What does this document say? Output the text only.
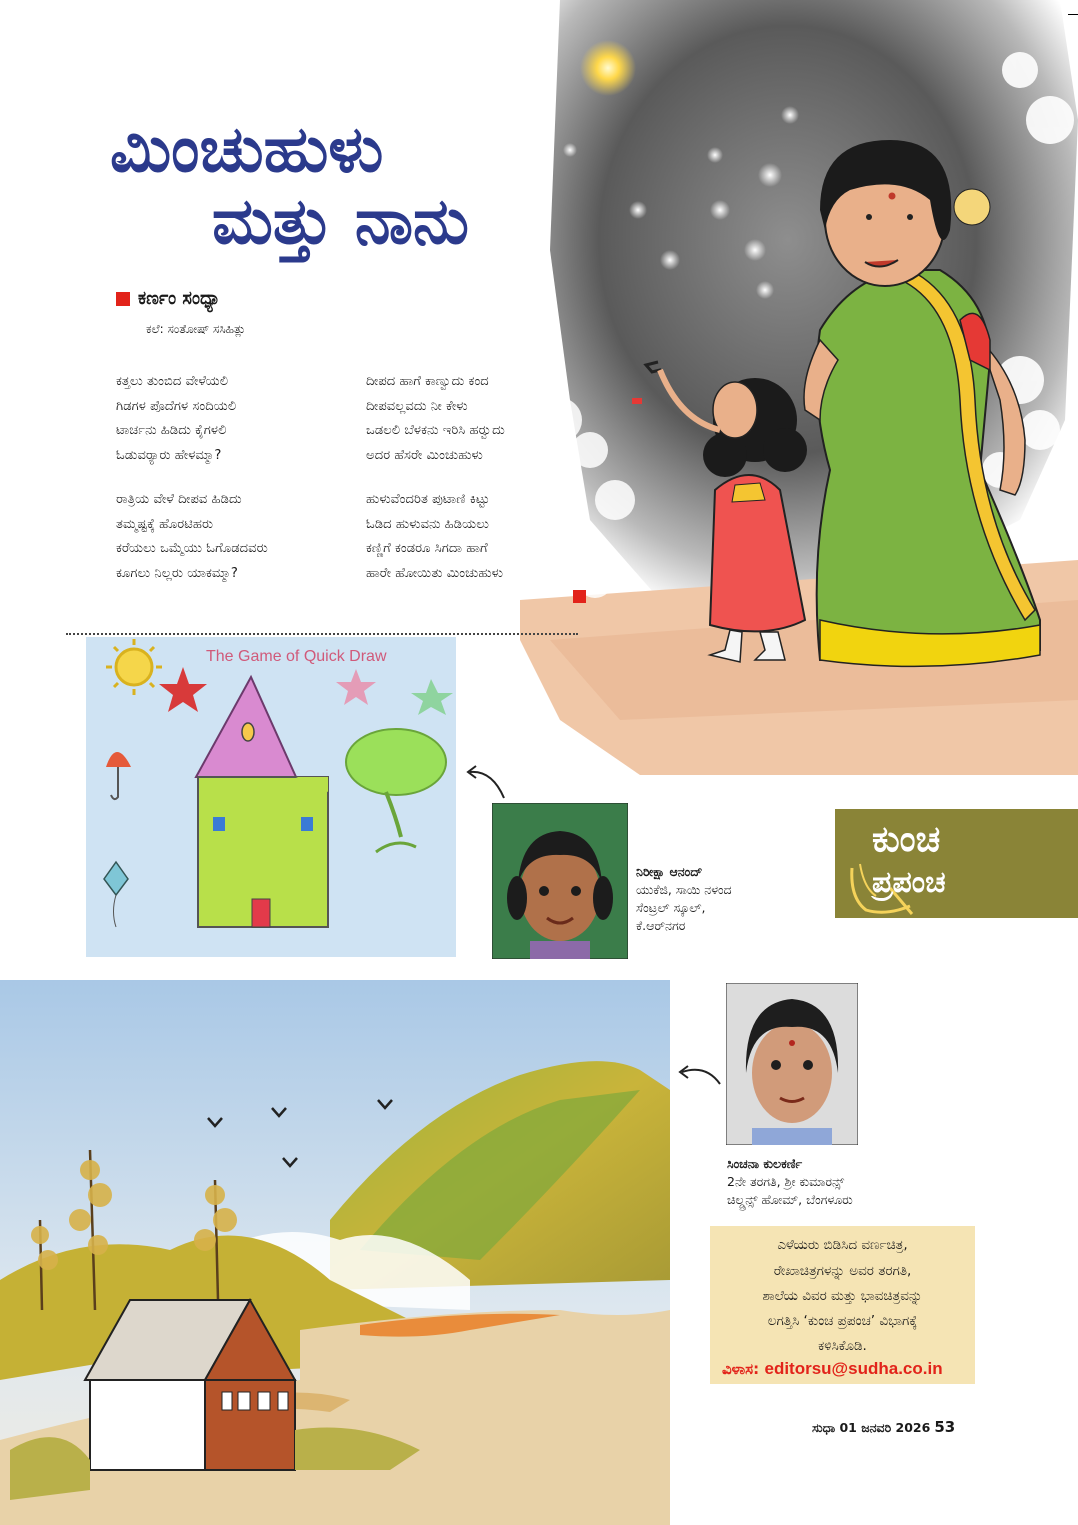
ಮಿಂಚುಹುಳು
ಮತ್ತು ನಾನು
ಕರ್ಣಂ ಸಂಧ್ಯಾ
ಕಲೆ: ಸಂತೋಷ್ ಸಸಿಹಿತ್ಲು
ಕತ್ತಲು ತುಂಬಿದ ವೇಳೆಯಲಿ
ಗಿಡಗಳ ಪೊದೆಗಳ ಸಂದಿಯಲಿ
ಟಾರ್ಚನು ಹಿಡಿದು ಕೈಗಳಲಿ
ಓಡುವರ್‍ಯಾರು ಹೇಳಮ್ಮಾ?
ರಾತ್ರಿಯ ವೇಳೆ ದೀಪವ ಹಿಡಿದು
ತಮ್ಮಷ್ಟಕ್ಕೆ ಹೊರಟಿಹರು
ಕರೆಯಲು ಒಮ್ಮೆಯು ಓಗೊಡದವರು
ಕೂಗಲು ನಿಲ್ಲರು ಯಾಕಮ್ಮಾ?
ದೀಪದ ಹಾಗೆ ಕಾಣ್ವುದು ಕಂದ
ದೀಪವಲ್ಲವದು ನೀ ಕೇಳು
ಒಡಲಲಿ ಬೆಳಕನು ಇರಿಸಿ ಹರ್‍ವುದು
ಅದರ ಹೆಸರೇ ಮಿಂಚುಹುಳು
ಹುಳುವೆಂದರಿತ ಪುಟಾಣಿ ಕಿಟ್ಟು
ಓಡಿದ ಹುಳುವನು ಹಿಡಿಯಲು
ಕಣ್ಣಿಗೆ ಕಂಡರೂ ಸಿಗದಾ ಹಾಗೆ
ಹಾರೇ ಹೋಯಿತು ಮಿಂಚುಹುಳು
The Game of Quick Draw
ನಿರೀಕ್ಷಾ ಆನಂದ್
ಯುಕೆಜಿ, ಸಾಯಿ ನಳಂದ
ಸೆಂಟ್ರಲ್ ಸ್ಕೂಲ್,
ಕೆ.ಆರ್‌ನಗರ
ಕುಂಚ
ಪ್ರಪಂಚ
ಸಿಂಚನಾ ಕುಲಕರ್ಣಿ
2ನೇ ತರಗತಿ, ಶ್ರೀ ಕುಮಾರನ್ಸ್
ಚಿಲ್ಡ್ರನ್ಸ್ ಹೋಮ್, ಬೆಂಗಳೂರು
ಎಳೆಯರು ಬಿಡಿಸಿದ ವರ್ಣಚಿತ್ರ,
ರೇಖಾಚಿತ್ರಗಳನ್ನು ಅವರ ತರಗತಿ,
ಶಾಲೆಯ ವಿವರ ಮತ್ತು ಭಾವಚಿತ್ರವನ್ನು
ಲಗತ್ತಿಸಿ ‘ಕುಂಚ ಪ್ರಪಂಚ’ ವಿಭಾಗಕ್ಕೆ
ಕಳಿಸಿಕೊಡಿ.
ವಿಳಾಸ: editorsu@sudha.co.in
ಸುಧಾ 01 ಜನವರಿ 2026 53
